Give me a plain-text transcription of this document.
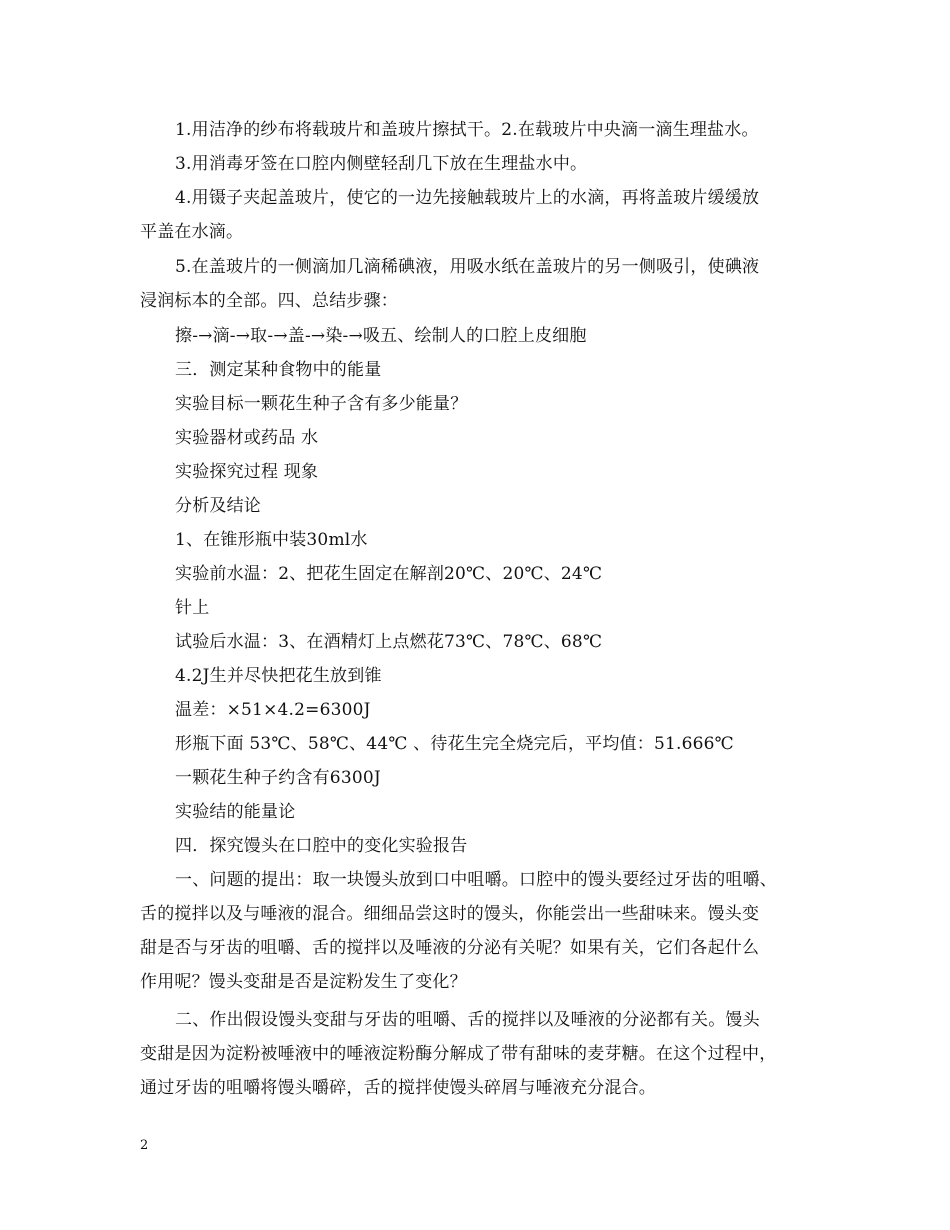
1.用洁净的纱布将载玻片和盖玻片擦拭干。2.在载玻片中央滴一滴生理盐水。
3.用消毒牙签在口腔内侧壁轻刮几下放在生理盐水中。
4.用镊子夹起盖玻片，使它的一边先接触载玻片上的水滴，再将盖玻片缓缓放
平盖在水滴。
5.在盖玻片的一侧滴加几滴稀碘液，用吸水纸在盖玻片的另一侧吸引，使碘液
浸润标本的全部。四、总结步骤：
擦-→滴-→取-→盖-→染-→吸五、绘制人的口腔上皮细胞
三．测定某种食物中的能量
实验目标一颗花生种子含有多少能量？
实验器材或药品 水
实验探究过程 现象
分析及结论
1、在锥形瓶中装30ml水
实验前水温：2、把花生固定在解剖20℃、20℃、24℃
针上
试验后水温：3、在酒精灯上点燃花73℃、78℃、68℃
4.2J生并尽快把花生放到锥
温差：×51×4.2=6300J
形瓶下面 53℃、58℃、44℃ 、待花生完全烧完后，平均值：51.666℃
一颗花生种子约含有6300J
实验结的能量论
四．探究馒头在口腔中的变化实验报告
一、问题的提出：取一块馒头放到口中咀嚼。口腔中的馒头要经过牙齿的咀嚼、
舌的搅拌以及与唾液的混合。细细品尝这时的馒头，你能尝出一些甜味来。馒头变
甜是否与牙齿的咀嚼、舌的搅拌以及唾液的分泌有关呢？如果有关，它们各起什么
作用呢？馒头变甜是否是淀粉发生了变化？
二、作出假设馒头变甜与牙齿的咀嚼、舌的搅拌以及唾液的分泌都有关。馒头
变甜是因为淀粉被唾液中的唾液淀粉酶分解成了带有甜味的麦芽糖。在这个过程中，
通过牙齿的咀嚼将馒头嚼碎，舌的搅拌使馒头碎屑与唾液充分混合。
2
